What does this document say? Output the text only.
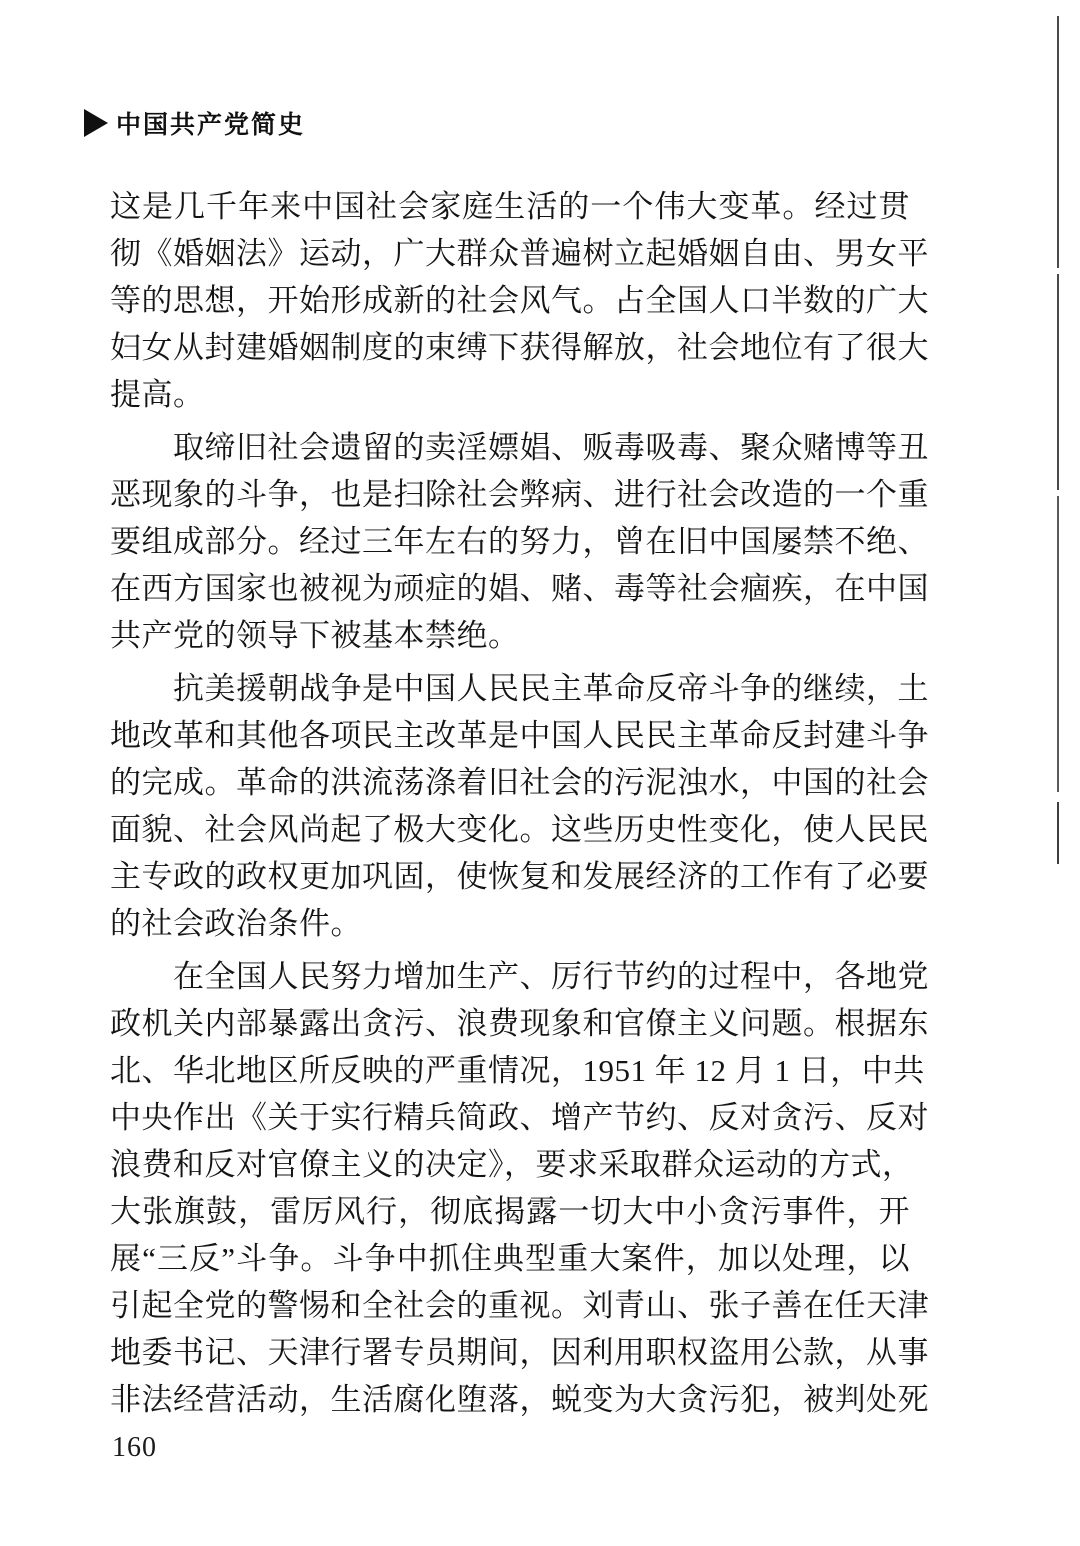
中国共产党简史
这是几千年来中国社会家庭生活的一个伟大变革。经过贯
彻《婚姻法》运动，广大群众普遍树立起婚姻自由、男女平
等的思想，开始形成新的社会风气。占全国人口半数的广大
妇女从封建婚姻制度的束缚下获得解放，社会地位有了很大
提高。
取缔旧社会遗留的卖淫嫖娼、贩毒吸毒、聚众赌博等丑
恶现象的斗争，也是扫除社会弊病、进行社会改造的一个重
要组成部分。经过三年左右的努力，曾在旧中国屡禁不绝、
在西方国家也被视为顽症的娼、赌、毒等社会痼疾，在中国
共产党的领导下被基本禁绝。
抗美援朝战争是中国人民民主革命反帝斗争的继续，土
地改革和其他各项民主改革是中国人民民主革命反封建斗争
的完成。革命的洪流荡涤着旧社会的污泥浊水，中国的社会
面貌、社会风尚起了极大变化。这些历史性变化，使人民民
主专政的政权更加巩固，使恢复和发展经济的工作有了必要
的社会政治条件。
在全国人民努力增加生产、厉行节约的过程中，各地党
政机关内部暴露出贪污、浪费现象和官僚主义问题。根据东
北、华北地区所反映的严重情况，1951 年 12 月 1 日，中共
中央作出《关于实行精兵简政、增产节约、反对贪污、反对
浪费和反对官僚主义的决定》，要求采取群众运动的方式，
大张旗鼓，雷厉风行，彻底揭露一切大中小贪污事件，开
展“三反”斗争。斗争中抓住典型重大案件，加以处理，以
引起全党的警惕和全社会的重视。刘青山、张子善在任天津
地委书记、天津行署专员期间，因利用职权盗用公款，从事
非法经营活动，生活腐化堕落，蜕变为大贪污犯，被判处死
160
